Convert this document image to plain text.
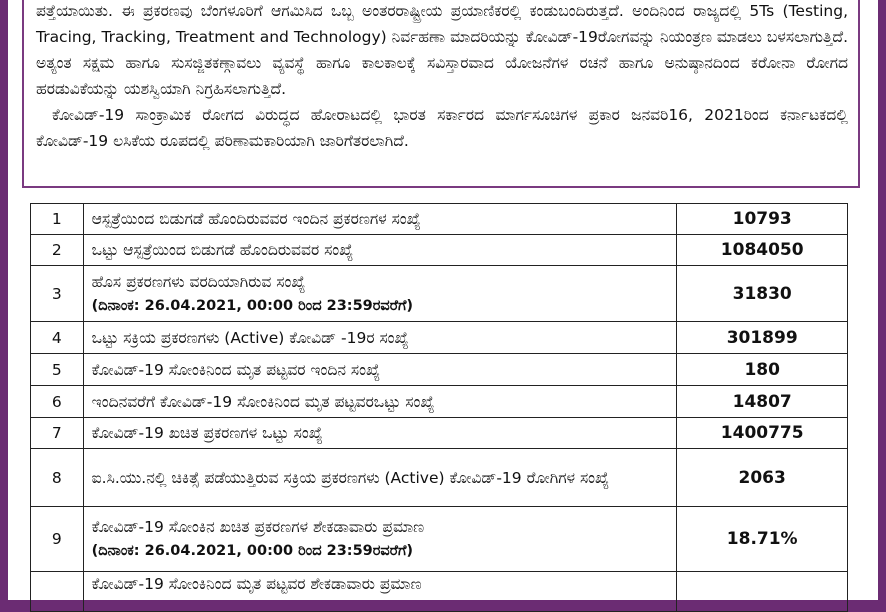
ಪತ್ತೆಯಾಯಿತು. ಈ ಪ್ರಕರಣವು ಬೆಂಗಳೂರಿಗೆ ಆಗಮಿಸಿದ ಒಬ್ಬ ಅಂತರರಾಷ್ಟ್ರೀಯ ಪ್ರಯಾಣಿಕರಲ್ಲಿ ಕಂಡುಬಂದಿರುತ್ತದೆ. ಅಂದಿನಿಂದ ರಾಜ್ಯದಲ್ಲಿ 5Ts (Testing, Tracing, Tracking, Treatment and Technology) ನಿರ್ವಹಣಾ ಮಾದರಿಯನ್ನು ಕೋವಿಡ್-19ರೋಗವನ್ನು ನಿಯಂತ್ರಣ ಮಾಡಲು ಬಳಸಲಾಗುತ್ತಿದೆ. ಅತ್ಯಂತ ಸಕ್ಷಮ ಹಾಗೂ ಸುಸಜ್ಜಿತಕಣ್ಗಾವಲು ವ್ಯವಸ್ಥೆ ಹಾಗೂ ಕಾಲಕಾಲಕ್ಕೆ ಸವಿಸ್ತಾರವಾದ ಯೋಜನೆಗಳ ರಚನೆ ಹಾಗೂ ಅನುಷ್ಠಾನದಿಂದ ಕರೋನಾ ರೋಗದ ಹರಡುವಿಕೆಯನ್ನು ಯಶಸ್ವಿಯಾಗಿ ನಿಗ್ರಹಿಸಲಾಗುತ್ತಿದೆ.

ಕೋವಿಡ್-19 ಸಾಂಕ್ರಾಮಿಕ ರೋಗದ ವಿರುದ್ಧದ ಹೋರಾಟದಲ್ಲಿ ಭಾರತ ಸರ್ಕಾರದ ಮಾರ್ಗಸೂಚಿಗಳ ಪ್ರಕಾರ ಜನವರಿ16, 2021ರಿಂದ ಕರ್ನಾಟಕದಲ್ಲಿ ಕೋವಿಡ್-19 ಲಸಿಕೆಯ ರೂಪದಲ್ಲಿ ಪರಿಣಾಮಕಾರಿಯಾಗಿ ಜಾರಿಗೆತರಲಾಗಿದೆ.

1	ಆಸ್ಪತ್ರೆಯಿಂದ ಬಿಡುಗಡೆ ಹೊಂದಿರುವವರ ಇಂದಿನ ಪ್ರಕರಣಗಳ ಸಂಖ್ಯೆ	10793
2	ಒಟ್ಟು ಆಸ್ಪತ್ರೆಯಿಂದ ಬಿಡುಗಡೆ ಹೊಂದಿರುವವರ ಸಂಖ್ಯೆ	1084050
3	ಹೊಸ ಪ್ರಕರಣಗಳು ವರದಿಯಾಗಿರುವ ಸಂಖ್ಯೆ
(ದಿನಾಂಕ: 26.04.2021, 00:00 ರಿಂದ 23:59ರವರೆಗೆ)	31830
4	ಒಟ್ಟು ಸಕ್ರಿಯ ಪ್ರಕರಣಗಳು (Active) ಕೋವಿಡ್ -19ರ ಸಂಖ್ಯೆ	301899
5	ಕೋವಿಡ್-19 ಸೋಂಕಿನಿಂದ ಮೃತ ಪಟ್ಟವರ ಇಂದಿನ ಸಂಖ್ಯೆ	180
6	ಇಂದಿನವರೆಗೆ ಕೋವಿಡ್-19 ಸೋಂಕಿನಿಂದ ಮೃತ ಪಟ್ಟವರಒಟ್ಟು ಸಂಖ್ಯೆ	14807
7	ಕೋವಿಡ್-19 ಖಚಿತ ಪ್ರಕರಣಗಳ ಒಟ್ಟು ಸಂಖ್ಯೆ	1400775
8	ಐ.ಸಿ.ಯು.ನಲ್ಲಿ ಚಿಕಿತ್ಸೆ ಪಡೆಯುತ್ತಿರುವ ಸಕ್ರಿಯ ಪ್ರಕರಣಗಳು (Active) ಕೋವಿಡ್-19 ರೋಗಿಗಳ ಸಂಖ್ಯೆ	2063
9	ಕೋವಿಡ್-19 ಸೋಂಕಿನ ಖಚಿತ ಪ್ರಕರಣಗಳ ಶೇಕಡಾವಾರು ಪ್ರಮಾಣ
(ದಿನಾಂಕ: 26.04.2021, 00:00 ರಿಂದ 23:59ರವರೆಗೆ)	18.71%
	ಕೋವಿಡ್-19 ಸೋಂಕಿನಿಂದ ಮೃತ ಪಟ್ಟವರ ಶೇಕಡಾವಾರು ಪ್ರಮಾಣ	
